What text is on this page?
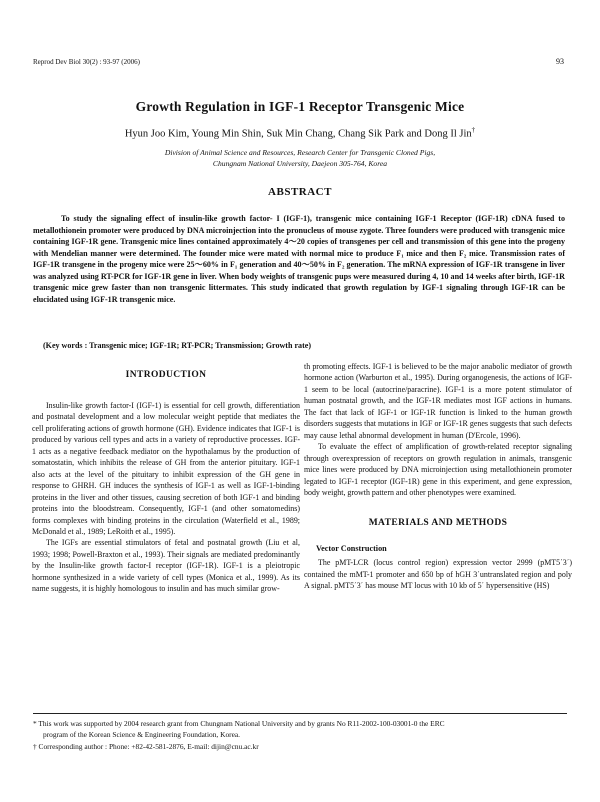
Reprod Dev Biol 30(2) : 93-97 (2006)	93
Growth Regulation in IGF-1 Receptor Transgenic Mice
Hyun Joo Kim, Young Min Shin, Suk Min Chang, Chang Sik Park and Dong Il Jin†
Division of Animal Science and Resources, Research Center for Transgenic Cloned Pigs,
Chungnam National University, Daejeon 305-764, Korea
ABSTRACT

To study the signaling effect of insulin-like growth factor- I (IGF-1), transgenic mice containing IGF-1 Receptor (IGF-1R) cDNA fused to metallothionein promoter were produced by DNA microinjection into the pronucleus of mouse zygote. Three founders were produced with transgenic mice containing IGF-1R gene. Transgenic mice lines contained approximately 4～20 copies of transgenes per cell and transmission of this gene into the progeny with Mendelian manner were determined. The founder mice were mated with normal mice to produce F₁ mice and then F₂ mice. Transmission rates of IGF-1R transgene in the progeny mice were 25～60% in F₁ generation and 40～50% in F₂ generation. The mRNA expression of IGF-1R transgene in liver was analyzed using RT-PCR for IGF-1R gene in liver. When body weights of transgenic pups were measured during 4, 10 and 14 weeks after birth, IGF-1R transgenic mice grew faster than non transgenic littermates. This study indicated that growth regulation by IGF-1 signaling through IGF-1R can be elucidated using IGF-1R transgenic mice.

(Key words : Transgenic mice; IGF-1R; RT-PCR; Transmission; Growth rate)

INTRODUCTION

Insulin-like growth factor-I (IGF-1) is essential for cell growth, differentiation and postnatal development and a low molecular weight peptide that mediates the cell proliferating actions of growth hormone (GH). Evidence indicates that IGF-1 is produced by various cell types and acts in a variety of reproductive processes. IGF-1 acts as a negative feedback mediator on the hypothalamus by the production of somatostatin, which inhibits the release of GH from the anterior pituitary. IGF-1 also acts at the level of the pituitary to inhibit expression of the GH gene in response to GHRH. GH induces the synthesis of IGF-1 as well as IGF-1-binding proteins in the liver and other tissues, causing secretion of both IGF-1 and binding proteins into the bloodstream. Consequently, IGF-1 (and other somatomedins) forms complexes with binding proteins in the circulation (Waterfield et al., 1989; McDonald et al., 1989; LeRoith et al., 1995).

The IGFs are essential stimulators of fetal and postnatal growth (Liu et al, 1993; 1998; Powell-Braxton et al., 1993). Their signals are mediated predominantly by the Insulin-like growth factor-I receptor (IGF-1R). IGF-1 is a pleiotropic hormone synthesized in a wide variety of cell types (Monica et al., 1999). As its name suggests, it is highly homologous to insulin and has much similar grow-

th promoting effects. IGF-1 is believed to be the major anabolic mediator of growth hormone action (Warburton et al., 1995). During organogenesis, the actions of IGF-1 seem to be local (autocrine/paracrine). IGF-1 is a more potent stimulator of human postnatal growth, and the IGF-1R mediates most IGF actions in humans. The fact that lack of IGF-1 or IGF-1R function is linked to the human growth disorders suggests that mutations in IGF or IGF-1R genes suggests that such defects may cause lethal abnormal development in human (D'Ercole, 1996).

To evaluate the effect of amplification of growth-related receptor signaling through overexpression of receptors on growth regulation in animals, transgenic mice lines were produced by DNA microinjection using metallothionein promoter legated to IGF-1 receptor (IGF-1R) gene in this experiment, and gene expression, body weight, growth pattern and other phenotypes were examined.

MATERIALS AND METHODS
Vector Construction

The pMT-LCR (locus control region) expression vector 2999 (pMT5΄3΄) contained the mMT-1 promoter and 650 bp of hGH 3΄untranslated region and poly A signal. pMT5΄3΄ has mouse MT locus with 10 kb of 5΄ hypersensitive (HS)

* This work was supported by 2004 research grant from Chungnam National University and by grants No R11-2002-100-03001-0 the ERC

program of the Korean Science & Engineering Foundation, Korea.

† Corresponding author : Phone: +82-42-581-2876, E-mail: dijin@cnu.ac.kr
